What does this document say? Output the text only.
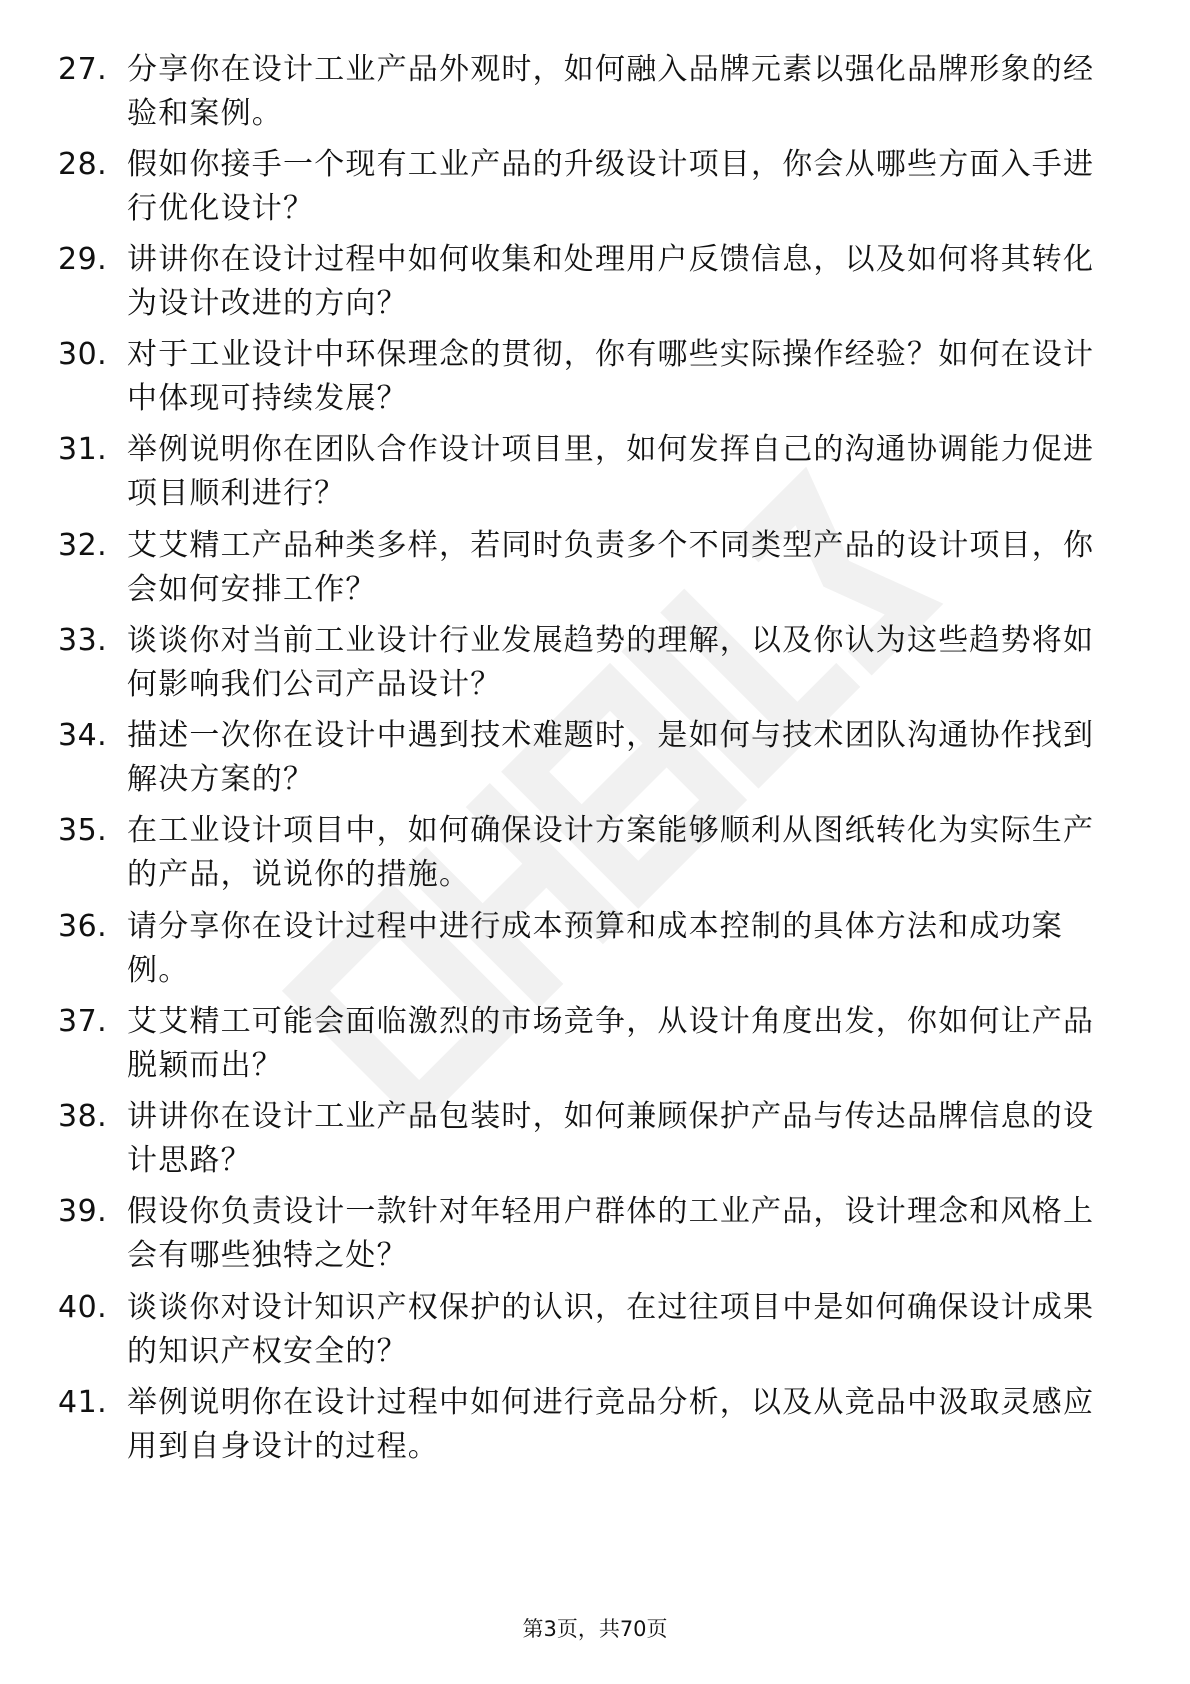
27. 分享你在设计工业产品外观时，如何融入品牌元素以强化品牌形象的经验和案例。
28. 假如你接手一个现有工业产品的升级设计项目，你会从哪些方面入手进行优化设计？
29. 讲讲你在设计过程中如何收集和处理用户反馈信息，以及如何将其转化为设计改进的方向？
30. 对于工业设计中环保理念的贯彻，你有哪些实际操作经验？如何在设计中体现可持续发展？
31. 举例说明你在团队合作设计项目里，如何发挥自己的沟通协调能力促进项目顺利进行？
32. 艾艾精工产品种类多样，若同时负责多个不同类型产品的设计项目，你会如何安排工作？
33. 谈谈你对当前工业设计行业发展趋势的理解，以及你认为这些趋势将如何影响我们公司产品设计？
34. 描述一次你在设计中遇到技术难题时，是如何与技术团队沟通协作找到解决方案的？
35. 在工业设计项目中，如何确保设计方案能够顺利从图纸转化为实际生产的产品，说说你的措施。
36. 请分享你在设计过程中进行成本预算和成本控制的具体方法和成功案例。
37. 艾艾精工可能会面临激烈的市场竞争，从设计角度出发，你如何让产品脱颖而出？
38. 讲讲你在设计工业产品包装时，如何兼顾保护产品与传达品牌信息的设计思路？
39. 假设你负责设计一款针对年轻用户群体的工业产品，设计理念和风格上会有哪些独特之处？
40. 谈谈你对设计知识产权保护的认识，在过往项目中是如何确保设计成果的知识产权安全的？
41. 举例说明你在设计过程中如何进行竞品分析，以及从竞品中汲取灵感应用到自身设计的过程。
第3页，共70页
